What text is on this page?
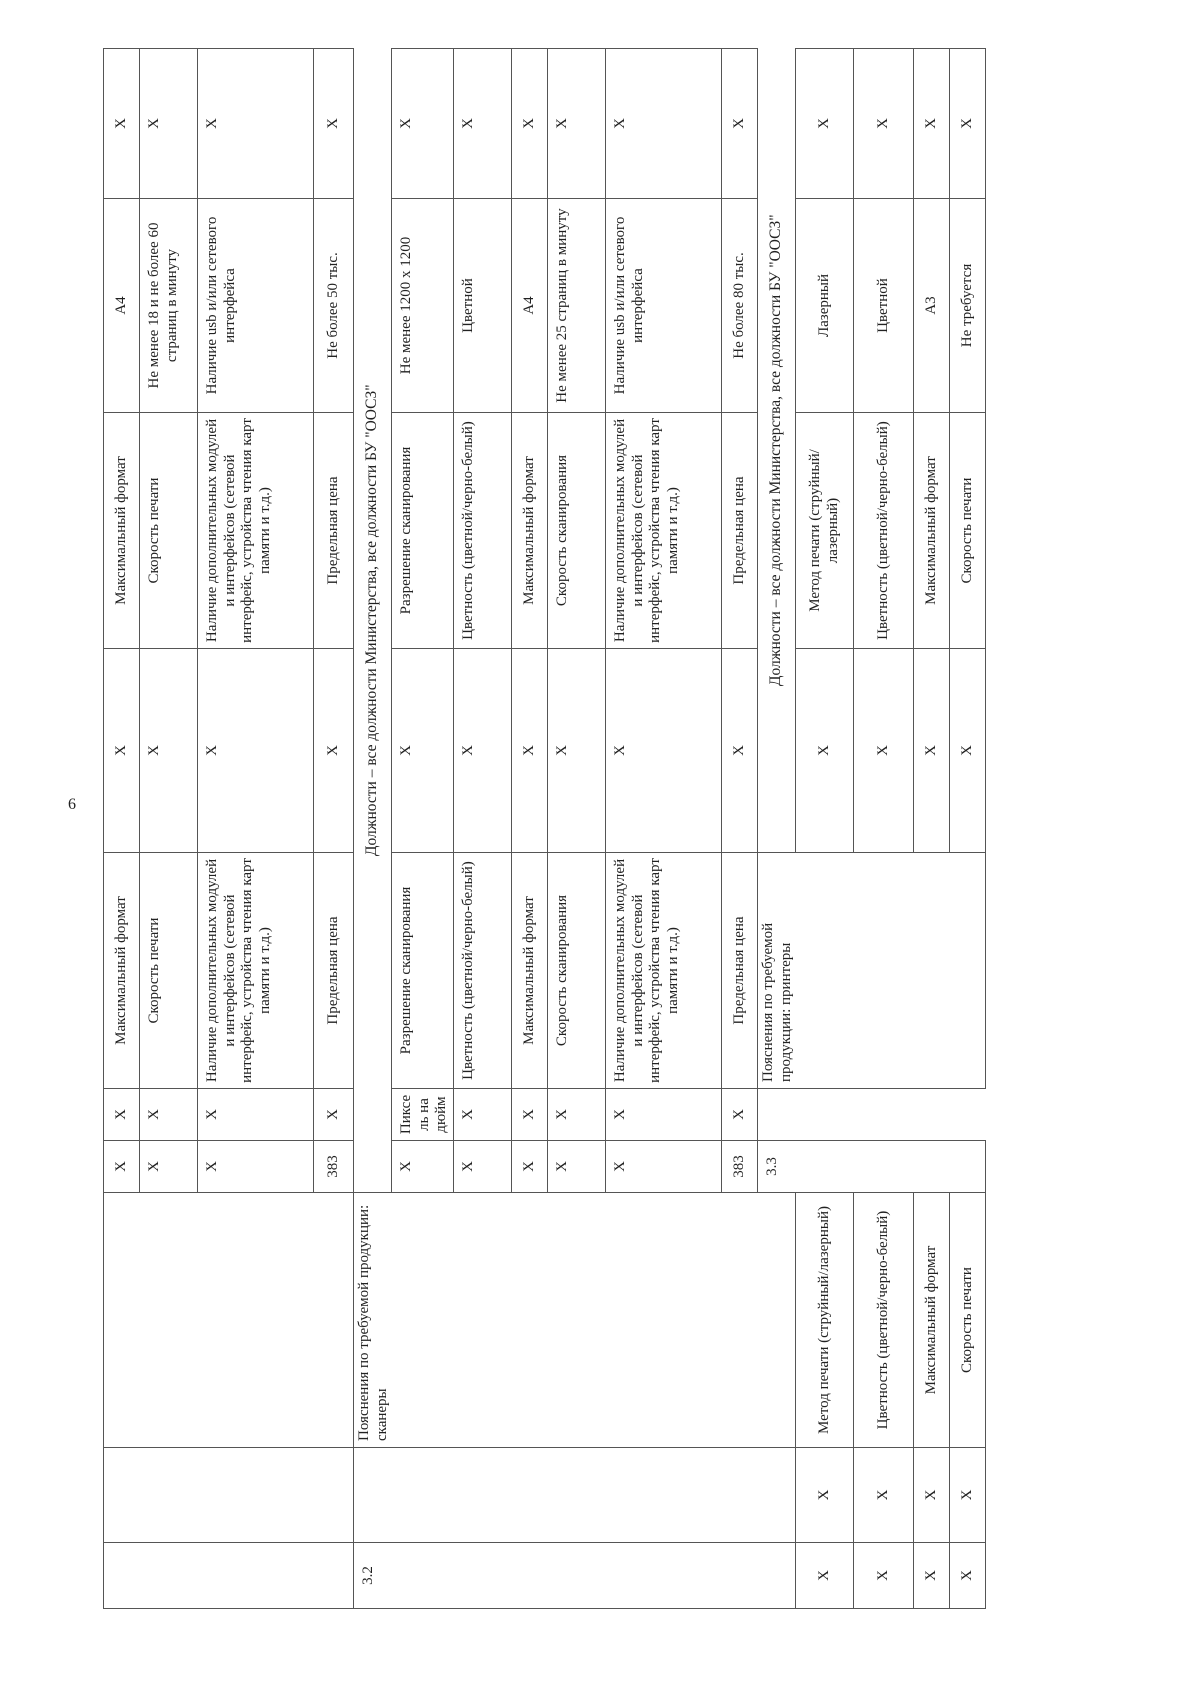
6
			X	X	Максимальный формат	X	Максимальный формат	А4	X
			X	X	Скорость печати	X	Скорость печати	Не менее 18 и не более 60 страниц в минуту	X
			X	X	Наличие дополнительных модулей и интерфейсов (сетевой интерфейс, устройства чтения карт памяти и т.д.)	X	Наличие дополнительных модулей и интерфейсов (сетевой интерфейс, устройства чтения карт памяти и т.д.)	Наличие usb и/или сетевого интерфейса	X
			383	X	Предельная цена	X	Предельная цена	Не более 50 тыс.	X
3.2		Пояснения по требуемой продукции: сканеры	Должности – все должности Министерства, все должности БУ "ООСЗ"						
			X	Пиксель на дюйм	Разрешение сканирования	X	Разрешение сканирования	Не менее 1200 x 1200	X
			X	X	Цветность (цветной/черно-белый)	X	Цветность (цветной/черно-белый)	Цветной	X
			X	X	Максимальный формат	X	Максимальный формат	А4	X
			X	X	Скорость сканирования	X	Скорость сканирования	Не менее 25 страниц в минуту	X
			X	X	Наличие дополнительных модулей и интерфейсов (сетевой интерфейс, устройства чтения карт памяти и т.д.)	X	Наличие дополнительных модулей и интерфейсов (сетевой интерфейс, устройства чтения карт памяти и т.д.)	Наличие usb и/или сетевого интерфейса	X
			383	X	Предельная цена	X	Предельная цена	Не более 80 тыс.	X
			3.3		Пояснения по требуемой продукции: принтеры	Должности – все должности Министерства, все должности БУ "ООСЗ"			
X	X	Метод печати (струйный/лазерный)				X	Метод печати (струйный/лазерный)	Лазерный	X
X	X	Цветность (цветной/черно-белый)				X	Цветность (цветной/черно-белый)	Цветной	X
X	X	Максимальный формат				X	Максимальный формат	А3	X
X	X	Скорость печати				X	Скорость печати	Не требуется	X
